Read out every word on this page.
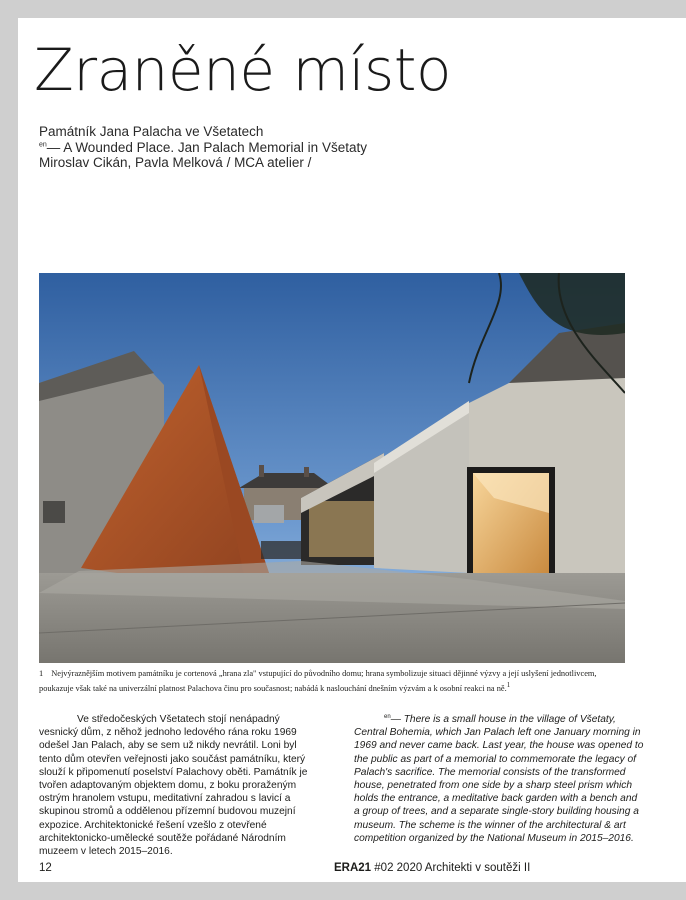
Zraněné místo
Památník Jana Palacha ve Všetatech
$^{en}$— A Wounded Place. Jan Palach Memorial in Všetaty
Miroslav Cikán, Pavla Melková / MCA atelier /
1 Nejvýraznějším motivem památníku je cortenová „hrana zla" vstupující do původního domu; hrana symbolizuje situaci dějinné výzvy a její uslyšení jednotlivcem,
poukazuje však také na univerzální platnost Palachova činu pro současnost; nabádá k naslouchání dnešním výzvám a k osobní reakci na ně.$^1$

Ve středočeských Všetatech stojí nenápadný vesnický dům, z něhož jednoho ledového rána roku 1969 odešel Jan Palach, aby se sem už nikdy nevrátil. Loni byl tento dům otevřen veřejnosti jako součást památníku, který slouží k připomenutí poselství Palachovy oběti. Památník je tvořen adaptovaným objektem domu, z boku proraženým ostrým hranolem vstupu, meditativní zahradou s lavicí a skupinou stromů a oddělenou přízemní budovou muzejní expozice. Architektonické řešení vzešlo z otevřené architektonicko-umělecké soutěže pořádané Národním muzeem v letech 2015–2016.

$^{en}$— There is a small house in the village of Všetaty, Central Bohemia, which Jan Palach left one January morning in 1969 and never came back. Last year, the house was opened to the public as part of a memorial to commemorate the legacy of Palach's sacrifice. The memorial consists of the transformed house, penetrated from one side by a sharp steel prism which holds the entrance, a meditative back garden with a bench and a group of trees, and a separate single-story building housing a museum. The scheme is the winner of the architectural & art competition organized by the National Museum in 2015–2016.

12	ERA21 #02 2020 Architekti v soutěži II
